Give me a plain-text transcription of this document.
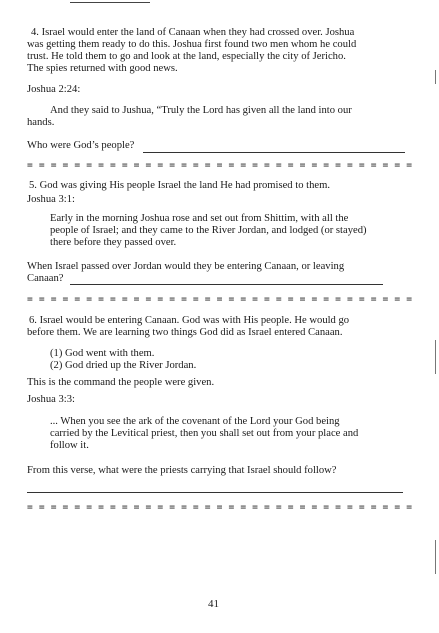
4. Israel would enter the land of Canaan when they had crossed over. Joshua
was getting them ready to do this. Joshua first found two men whom he could
trust. He told them to go and look at the land, especially the city of Jericho.
The spies returned with good news.
Joshua 2:24:
And they said to Jushua, “Truly the Lord has given all the land into our
hands.
Who were God’s people?
= = = = = = = = = = = = = = = = = = = = = = = = = = = = = = = = =
5. God was giving His people Israel the land He had promised to them.
Joshua 3:1:
Early in the morning Joshua rose and set out from Shittim, with all the
people of Israel; and they came to the River Jordan, and lodged (or stayed)
there before they passed over.
When Israel passed over Jordan would they be entering Canaan, or leaving
Canaan?
= = = = = = = = = = = = = = = = = = = = = = = = = = = = = = = = =
6. Israel would be entering Canaan. God was with His people. He would go
before them. We are learning two things God did as Israel entered Canaan.
(1) God went with them.
(2) God dried up the River Jordan.
This is the command the people were given.
Joshua 3:3:
... When you see the ark of the covenant of the Lord your God being
carried by the Levitical priest, then you shall set out from your place and
follow it.
From this verse, what were the priests carrying that Israel should follow?
= = = = = = = = = = = = = = = = = = = = = = = = = = = = = = = = =
41
